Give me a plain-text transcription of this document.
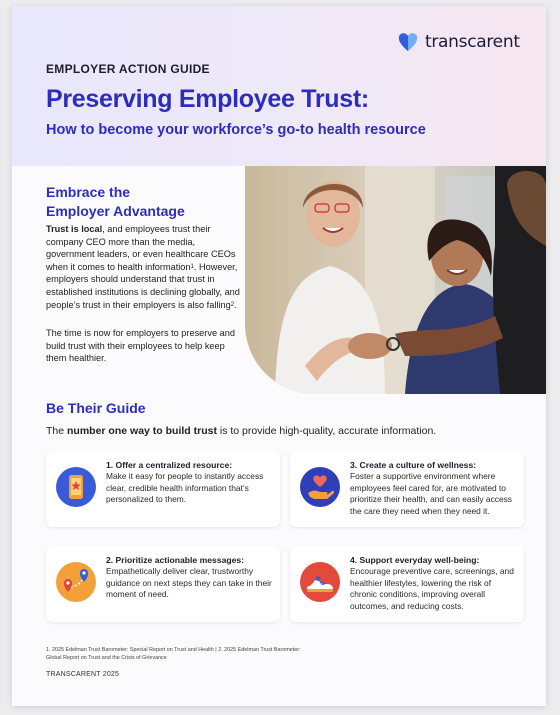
transcarent
EMPLOYER ACTION GUIDE
Preserving Employee Trust:
How to become your workforce’s go-to health resource
Embrace the
Employer Advantage

Trust is local, and employees trust their company CEO more than the media, government leaders, or even healthcare CEOs when it comes to health information$^1$. However, employers should understand that trust in established institutions is declining globally, and people’s trust in their employers is also falling$^2$.

The time is now for employers to preserve and build trust with their employees to help keep them healthier.

Be Their Guide
The number one way to build trust is to provide high-quality, accurate information.
1. Offer a centralized resource:
Make it easy for people to instantly access clear, credible health information that’s personalized to them.
3. Create a culture of wellness:
Foster a supportive environment where employees feel cared for, are motivated to prioritize their health, and can easily access the care they need when they need it.
2. Prioritize actionable messages:
Empathetically deliver clear, trustworthy guidance on next steps they can take in their moment of need.
4. Support everyday well-being:
Encourage preventive care, screenings, and healthier lifestyles, lowering the risk of chronic conditions, improving overall outcomes, and reducing costs.
1. 2025 Edelman Trust Barometer: Special Report on Trust and Health | 2. 2025 Edelman Trust Barometer: Global Report on Trust and the Crisis of Grievance
TRANSCARENT 2025
